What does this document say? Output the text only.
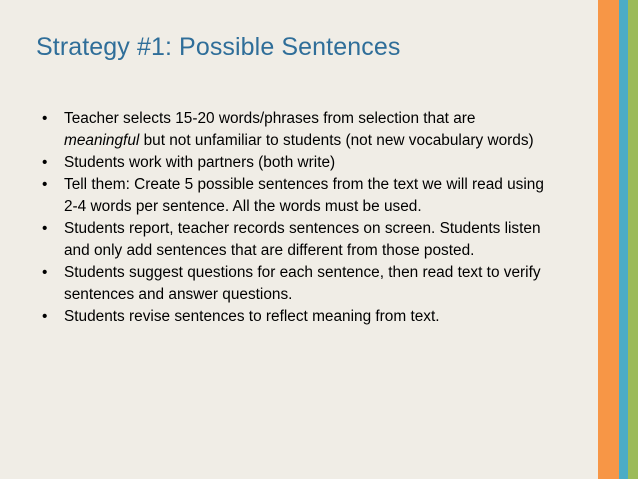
Strategy #1: Possible Sentences
• Teacher selects 15-20 words/phrases from selection that are meaningful but not unfamiliar to students (not new vocabulary words)
• Students work with partners (both write)
• Tell them: Create 5 possible sentences from the text we will read using 2-4 words per sentence. All the words must be used.
• Students report, teacher records sentences on screen. Students listen and only add sentences that are different from those posted.
• Students suggest questions for each sentence, then read text to verify sentences and answer questions.
• Students revise sentences to reflect meaning from text.
